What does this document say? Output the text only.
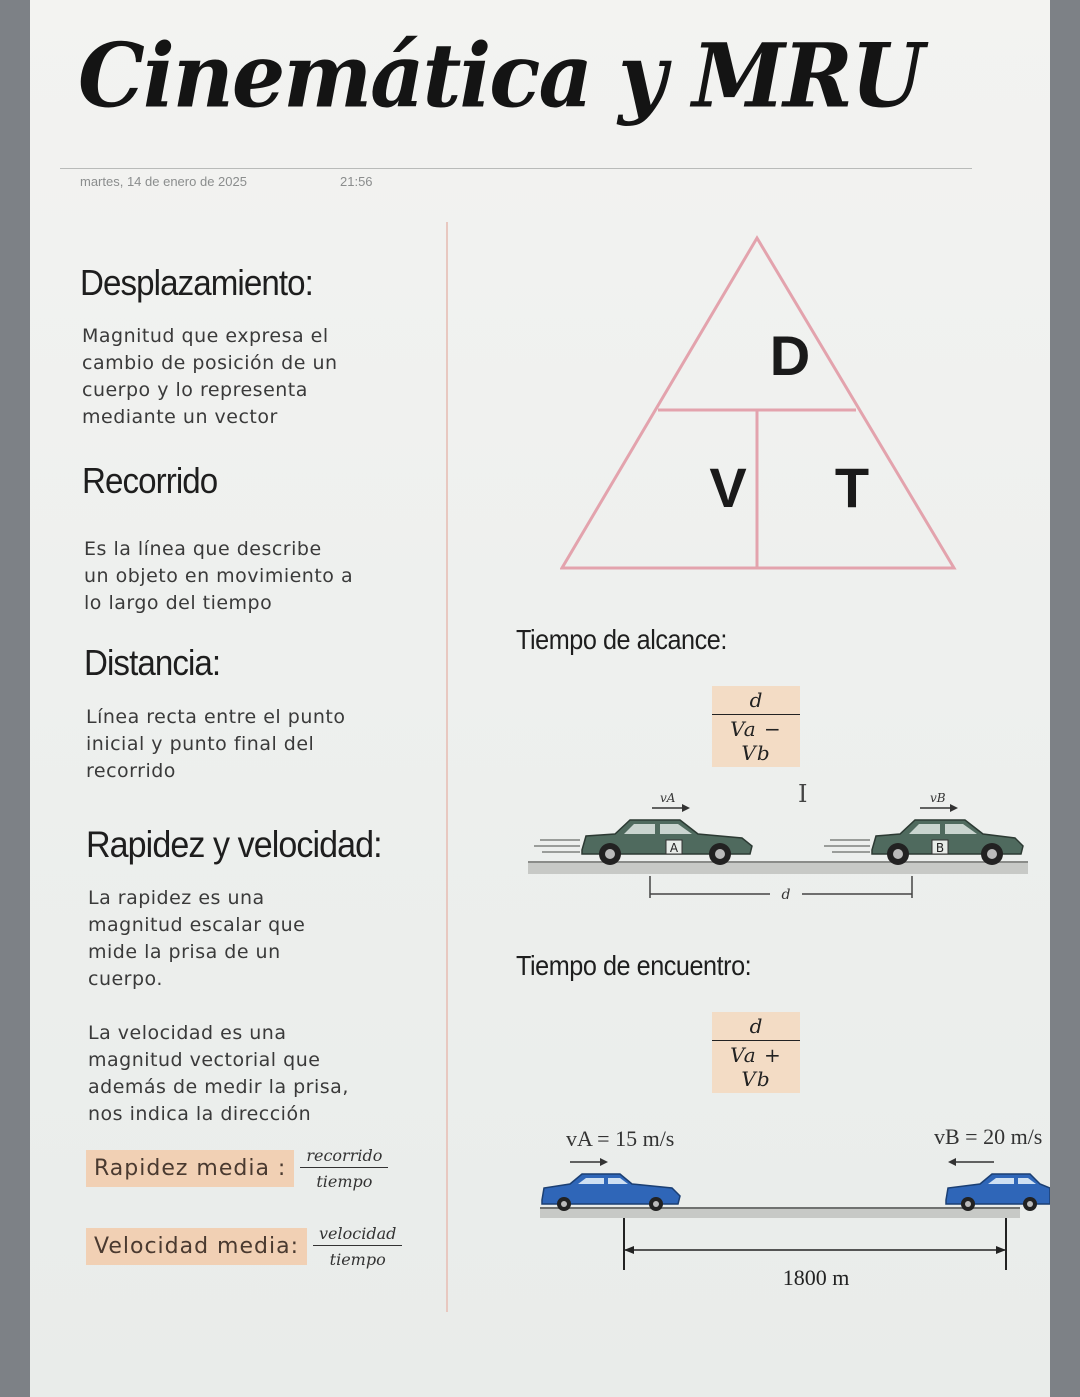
Cinemática y MRU
martes, 14 de enero de 2025	21:56
Desplazamiento:
Magnitud que expresa el
cambio de posición de un
cuerpo y lo representa
mediante un vector
Recorrido
Es la línea que describe
un objeto en movimiento a
lo largo del tiempo
Distancia:
Línea recta entre el punto
inicial y punto final del
recorrido
Rapidez y velocidad:
La rapidez es una
magnitud escalar que
mide la prisa de un
cuerpo.
La velocidad es una
magnitud vectorial que
además de medir la prisa,
nos indica la dirección
Rapidez media : $\frac{\text{recorrido}}{\text{tiempo}}$
Velocidad media: $\frac{\text{velocidad}}{\text{tiempo}}$
D
V T
Tiempo de alcance:
$\frac{d}{Va - Vb}$
A
vA
B
vB
d
I
Tiempo de encuentro:
$\frac{d}{Va + Vb}$
vA = 15 m/s	vB = 20 m/s
1800 m
